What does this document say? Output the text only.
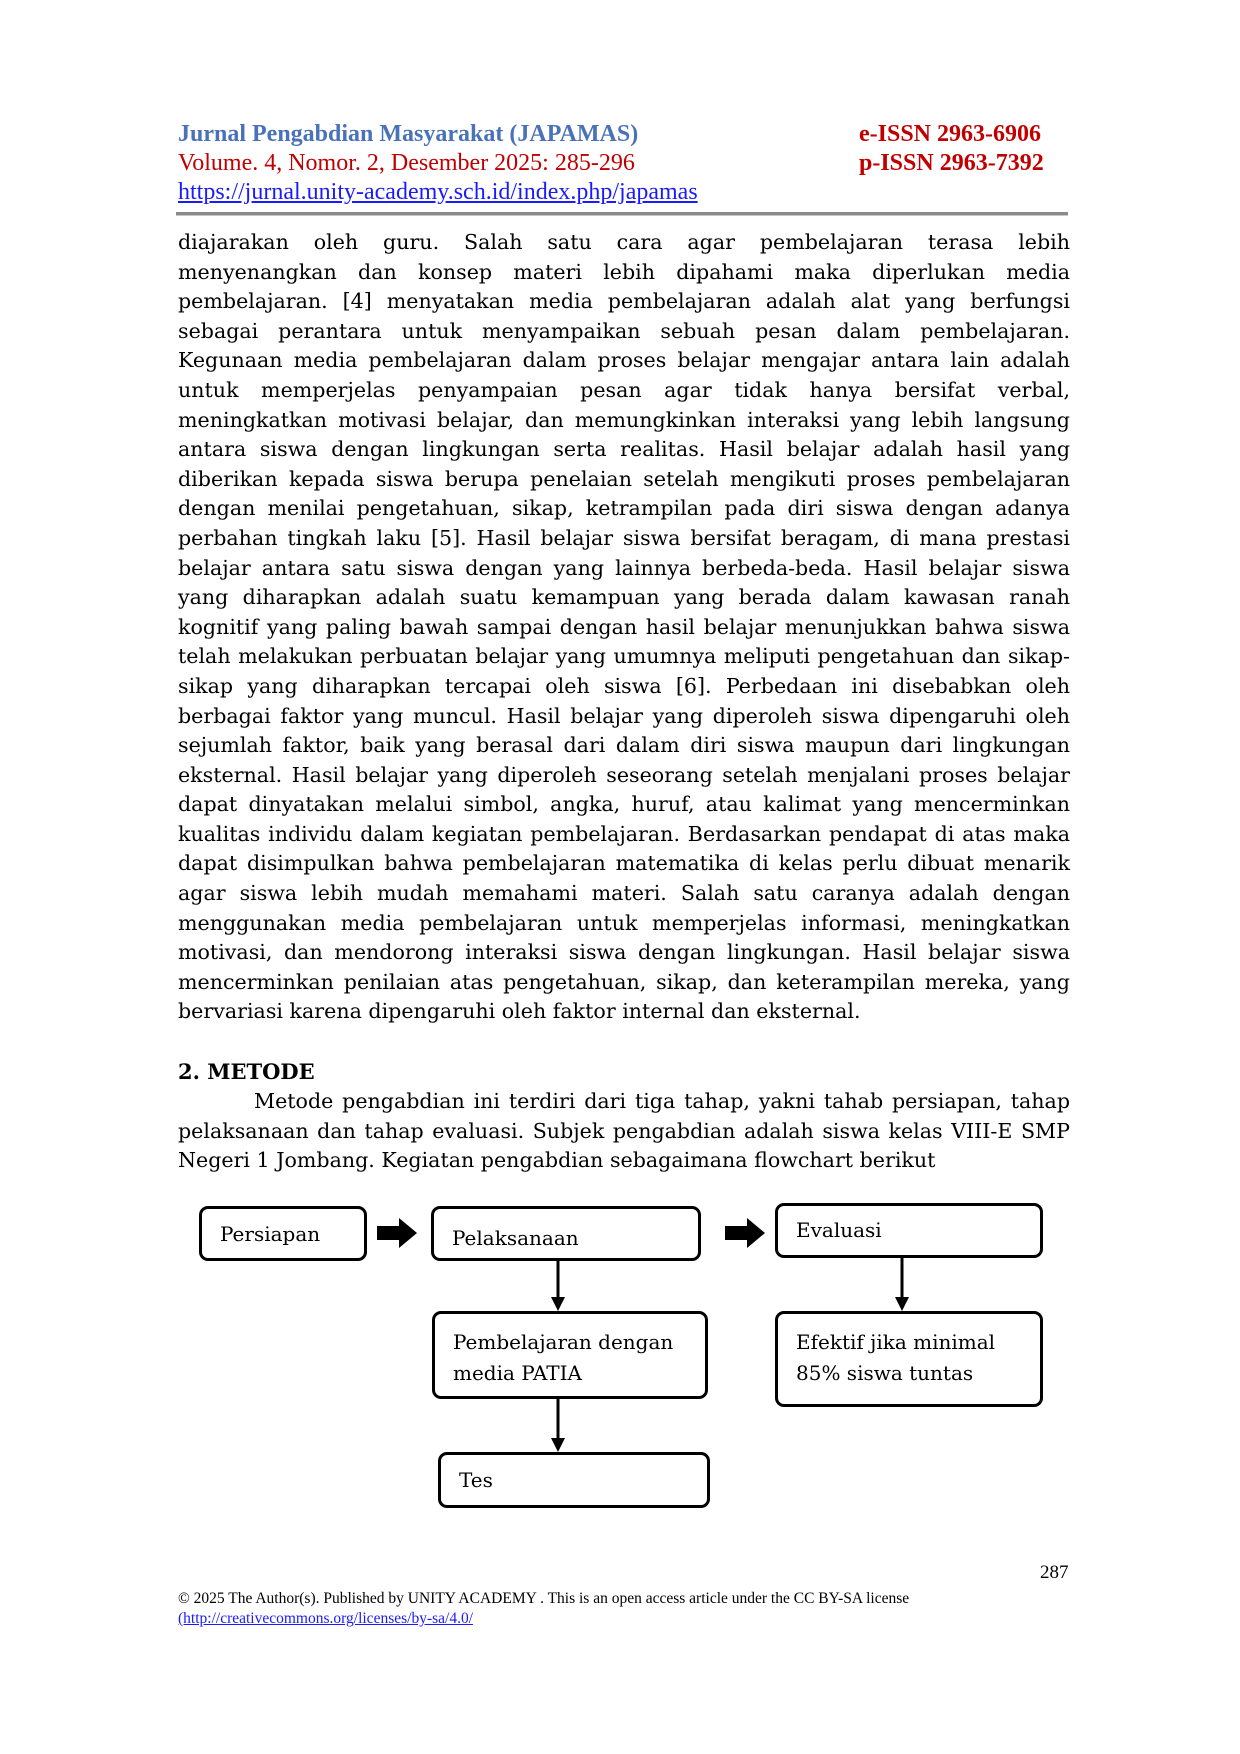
Jurnal Pengabdian Masyarakat (JAPAMAS)	e-ISSN 2963-6906
Volume. 4, Nomor. 2, Desember 2025: 285-296	p-ISSN 2963-7392
https://jurnal.unity-academy.sch.id/index.php/japamas

diajarakan oleh guru. Salah satu cara agar pembelajaran terasa lebih menyenangkan dan konsep materi lebih dipahami maka diperlukan media pembelajaran. [4] menyatakan media pembelajaran adalah alat yang berfungsi sebagai perantara untuk menyampaikan sebuah pesan dalam pembelajaran. Kegunaan media pembelajaran dalam proses belajar mengajar antara lain adalah untuk memperjelas penyampaian pesan agar tidak hanya bersifat verbal, meningkatkan motivasi belajar, dan memungkinkan interaksi yang lebih langsung antara siswa dengan lingkungan serta realitas. Hasil belajar adalah hasil yang diberikan kepada siswa berupa penelaian setelah mengikuti proses pembelajaran dengan menilai pengetahuan, sikap, ketrampilan pada diri siswa dengan adanya perbahan tingkah laku [5]. Hasil belajar siswa bersifat beragam, di mana prestasi belajar antara satu siswa dengan yang lainnya berbeda-beda. Hasil belajar siswa yang diharapkan adalah suatu kemampuan yang berada dalam kawasan ranah kognitif yang paling bawah sampai dengan hasil belajar menunjukkan bahwa siswa telah melakukan perbuatan belajar yang umumnya meliputi pengetahuan dan sikap-sikap yang diharapkan tercapai oleh siswa [6]. Perbedaan ini disebabkan oleh berbagai faktor yang muncul. Hasil belajar yang diperoleh siswa dipengaruhi oleh sejumlah faktor, baik yang berasal dari dalam diri siswa maupun dari lingkungan eksternal. Hasil belajar yang diperoleh seseorang setelah menjalani proses belajar dapat dinyatakan melalui simbol, angka, huruf, atau kalimat yang mencerminkan kualitas individu dalam kegiatan pembelajaran. Berdasarkan pendapat di atas maka dapat disimpulkan bahwa pembelajaran matematika di kelas perlu dibuat menarik agar siswa lebih mudah memahami materi. Salah satu caranya adalah dengan menggunakan media pembelajaran untuk memperjelas informasi, meningkatkan motivasi, dan mendorong interaksi siswa dengan lingkungan. Hasil belajar siswa mencerminkan penilaian atas pengetahuan, sikap, dan keterampilan mereka, yang bervariasi karena dipengaruhi oleh faktor internal dan eksternal.

2. METODE

Metode pengabdian ini terdiri dari tiga tahap, yakni tahab persiapan, tahap pelaksanaan dan tahap evaluasi. Subjek pengabdian adalah siswa kelas VIII-E SMP Negeri 1 Jombang. Kegiatan pengabdian sebagaimana flowchart berikut

Persiapan	Pelaksanaan	Evaluasi
Pembelajaran dengan
media PATIA
Efektif jika minimal
85% siswa tuntas
Tes
287
© 2025 The Author(s). Published by UNITY ACADEMY . This is an open access article under the CC BY-SA license
(http://creativecommons.org/licenses/by-sa/4.0/
